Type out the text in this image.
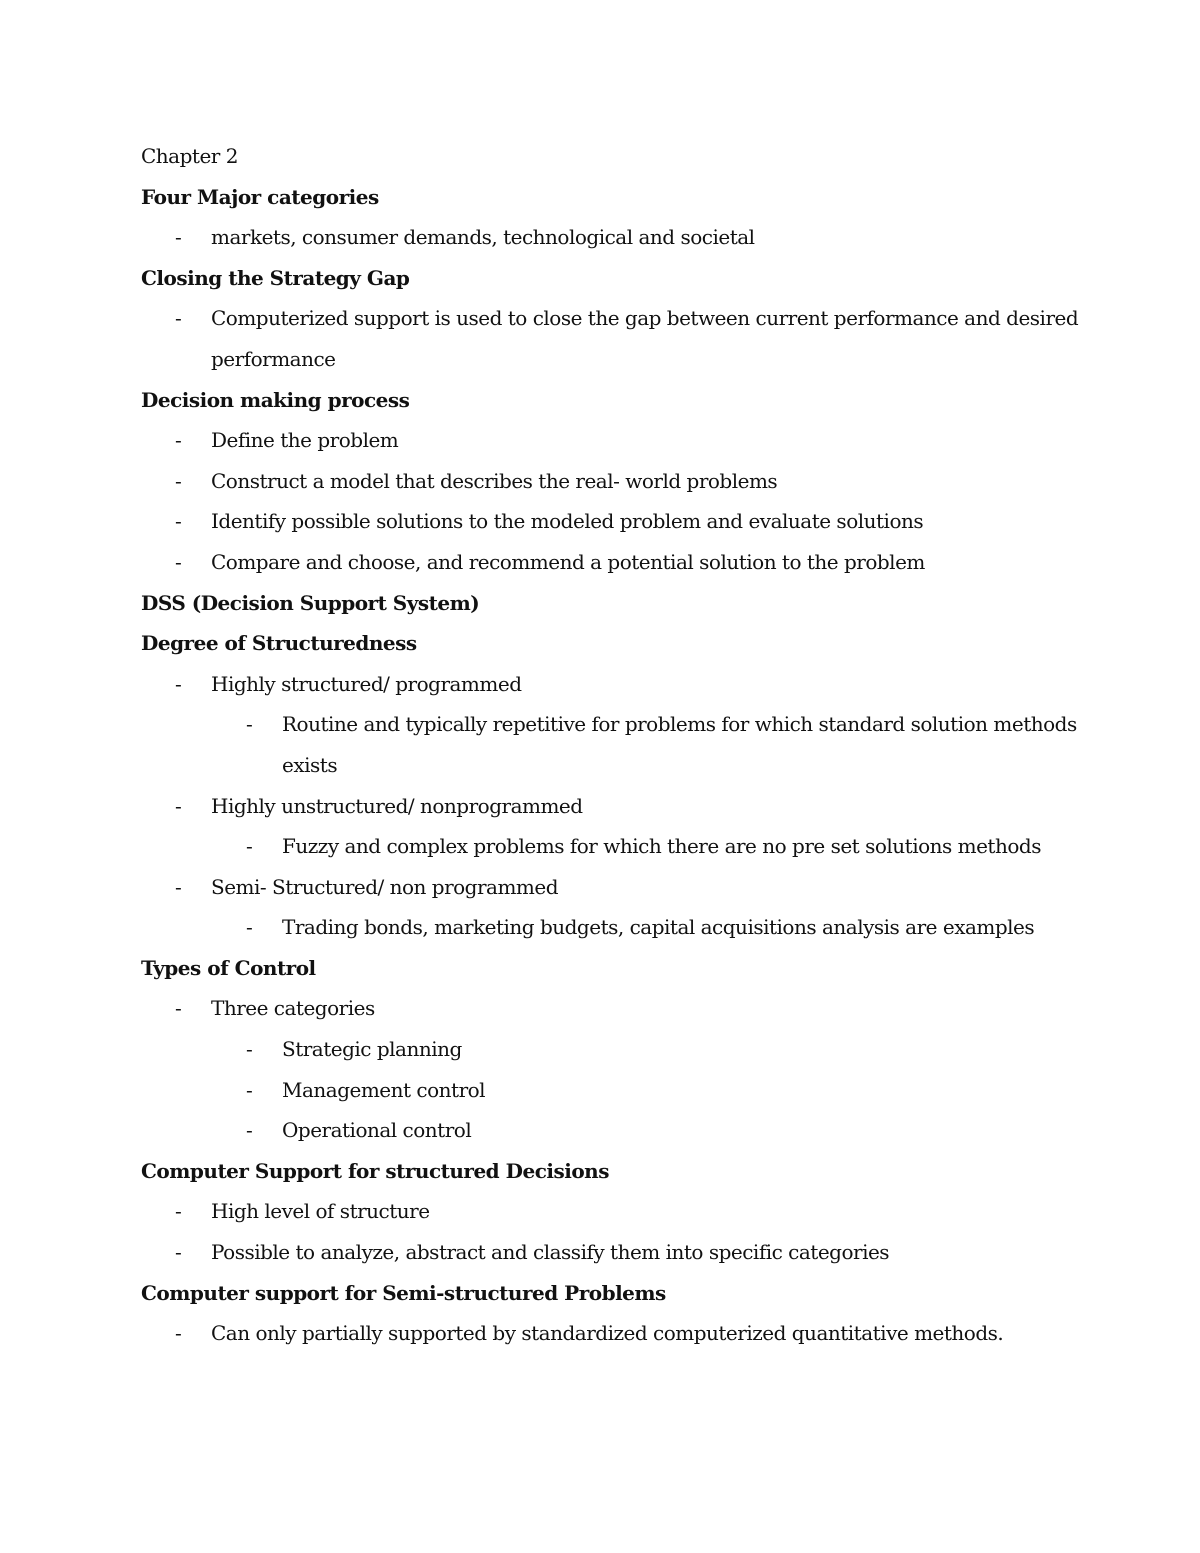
Chapter 2
Four Major categories
- markets, consumer demands, technological and societal
Closing the Strategy Gap
- Computerized support is used to close the gap between current performance and desired
performance
Decision making process
- Define the problem
- Construct a model that describes the real- world problems
- Identify possible solutions to the modeled problem and evaluate solutions
- Compare and choose, and recommend a potential solution to the problem
DSS (Decision Support System)
Degree of Structuredness
- Highly structured/ programmed
- Routine and typically repetitive for problems for which standard solution methods
exists
- Highly unstructured/ nonprogrammed
- Fuzzy and complex problems for which there are no pre set solutions methods
- Semi- Structured/ non programmed
- Trading bonds, marketing budgets, capital acquisitions analysis are examples
Types of Control
- Three categories
- Strategic planning
- Management control
- Operational control
Computer Support for structured Decisions
- High level of structure
- Possible to analyze, abstract and classify them into specific categories
Computer support for Semi-structured Problems
- Can only partially supported by standardized computerized quantitative methods.
